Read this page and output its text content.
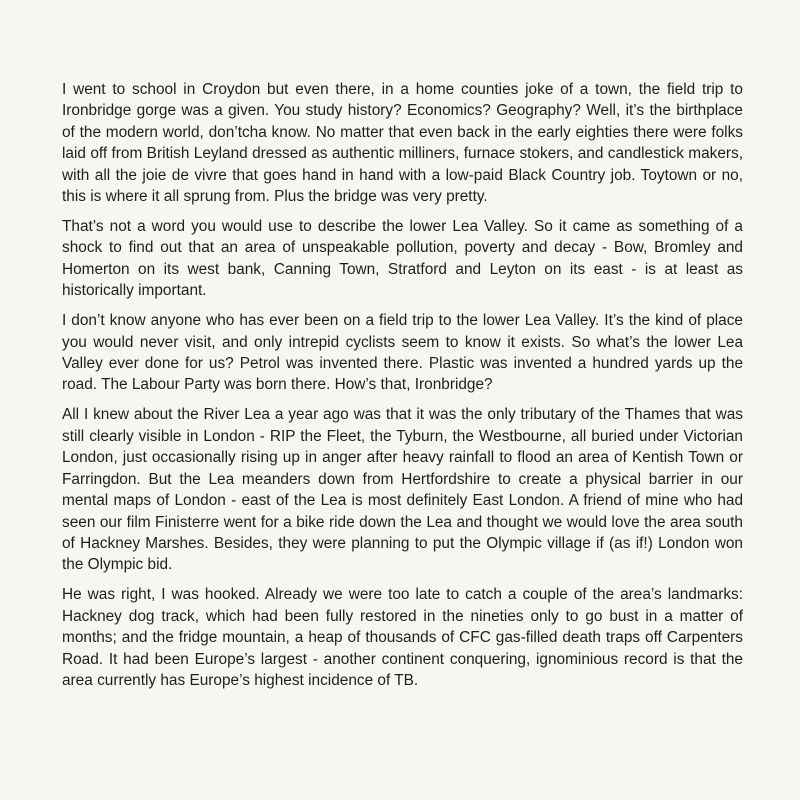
I went to school in Croydon but even there, in a home counties joke of a town, the field trip to Ironbridge gorge was a given. You study history? Economics? Geography? Well, it’s the birthplace of the modern world, don’tcha know. No matter that even back in the early eighties there were folks laid off from British Leyland dressed as authentic milliners, furnace stokers, and candlestick makers, with all the joie de vivre that goes hand in hand with a low-paid Black Country job. Toytown or no, this is where it all sprung from. Plus the bridge was very pretty.

That’s not a word you would use to describe the lower Lea Valley. So it came as something of a shock to find out that an area of unspeakable pollution, poverty and decay - Bow, Bromley and Homerton on its west bank, Canning Town, Stratford and Leyton on its east - is at least as historically important.

I don’t know anyone who has ever been on a field trip to the lower Lea Valley. It’s the kind of place you would never visit, and only intrepid cyclists seem to know it exists. So what’s the lower Lea Valley ever done for us? Petrol was invented there. Plastic was invented a hundred yards up the road. The Labour Party was born there. How’s that, Ironbridge?

All I knew about the River Lea a year ago was that it was the only tributary of the Thames that was still clearly visible in London - RIP the Fleet, the Tyburn, the Westbourne, all buried under Victorian London, just occasionally rising up in anger after heavy rainfall to flood an area of Kentish Town or Farringdon. But the Lea meanders down from Hertfordshire to create a physical barrier in our mental maps of London - east of the Lea is most definitely East London. A friend of mine who had seen our film Finisterre went for a bike ride down the Lea and thought we would love the area south of Hackney Marshes. Besides, they were planning to put the Olympic village if (as if!) London won the Olympic bid.

He was right, I was hooked. Already we were too late to catch a couple of the area’s landmarks: Hackney dog track, which had been fully restored in the nineties only to go bust in a matter of months; and the fridge mountain, a heap of thousands of CFC gas-filled death traps off Carpenters Road. It had been Europe’s largest - another continent conquering, ignominious record is that the area currently has Europe’s highest incidence of TB.
